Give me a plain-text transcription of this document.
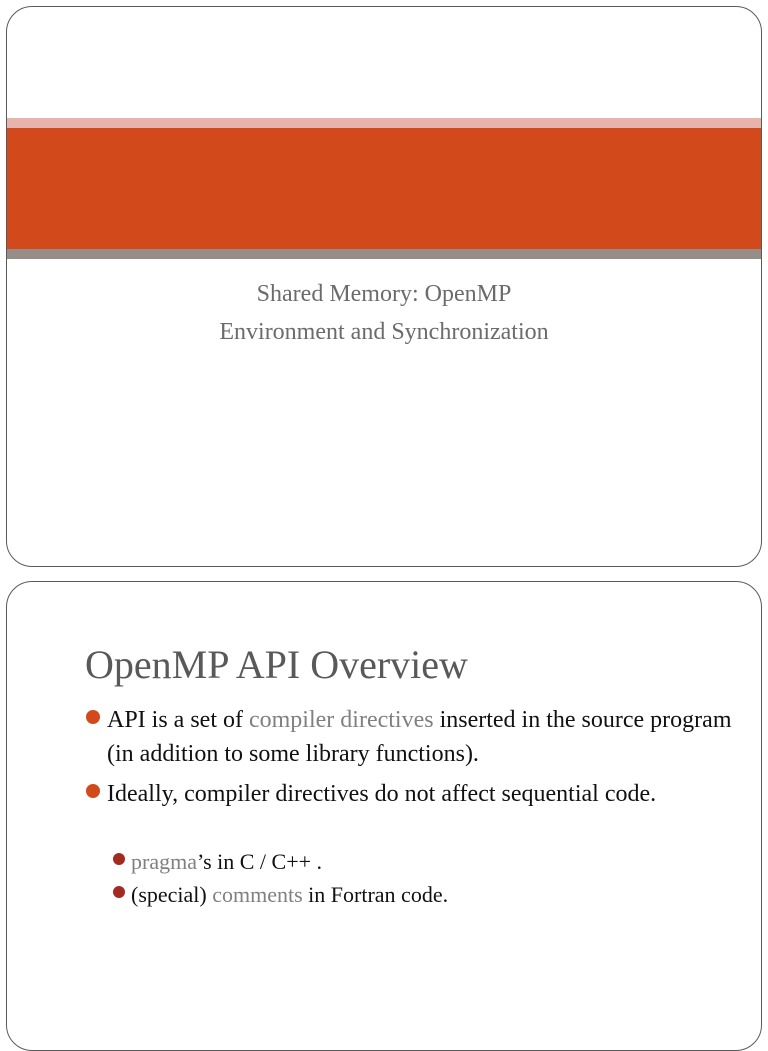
Shared Memory: OpenMP
Environment and Synchronization
OpenMP API Overview
API is a set of compiler directives inserted in the source program (in addition to some library functions).
Ideally, compiler directives do not affect sequential code.
pragma’s in C / C++ .
(special) comments in Fortran code.
